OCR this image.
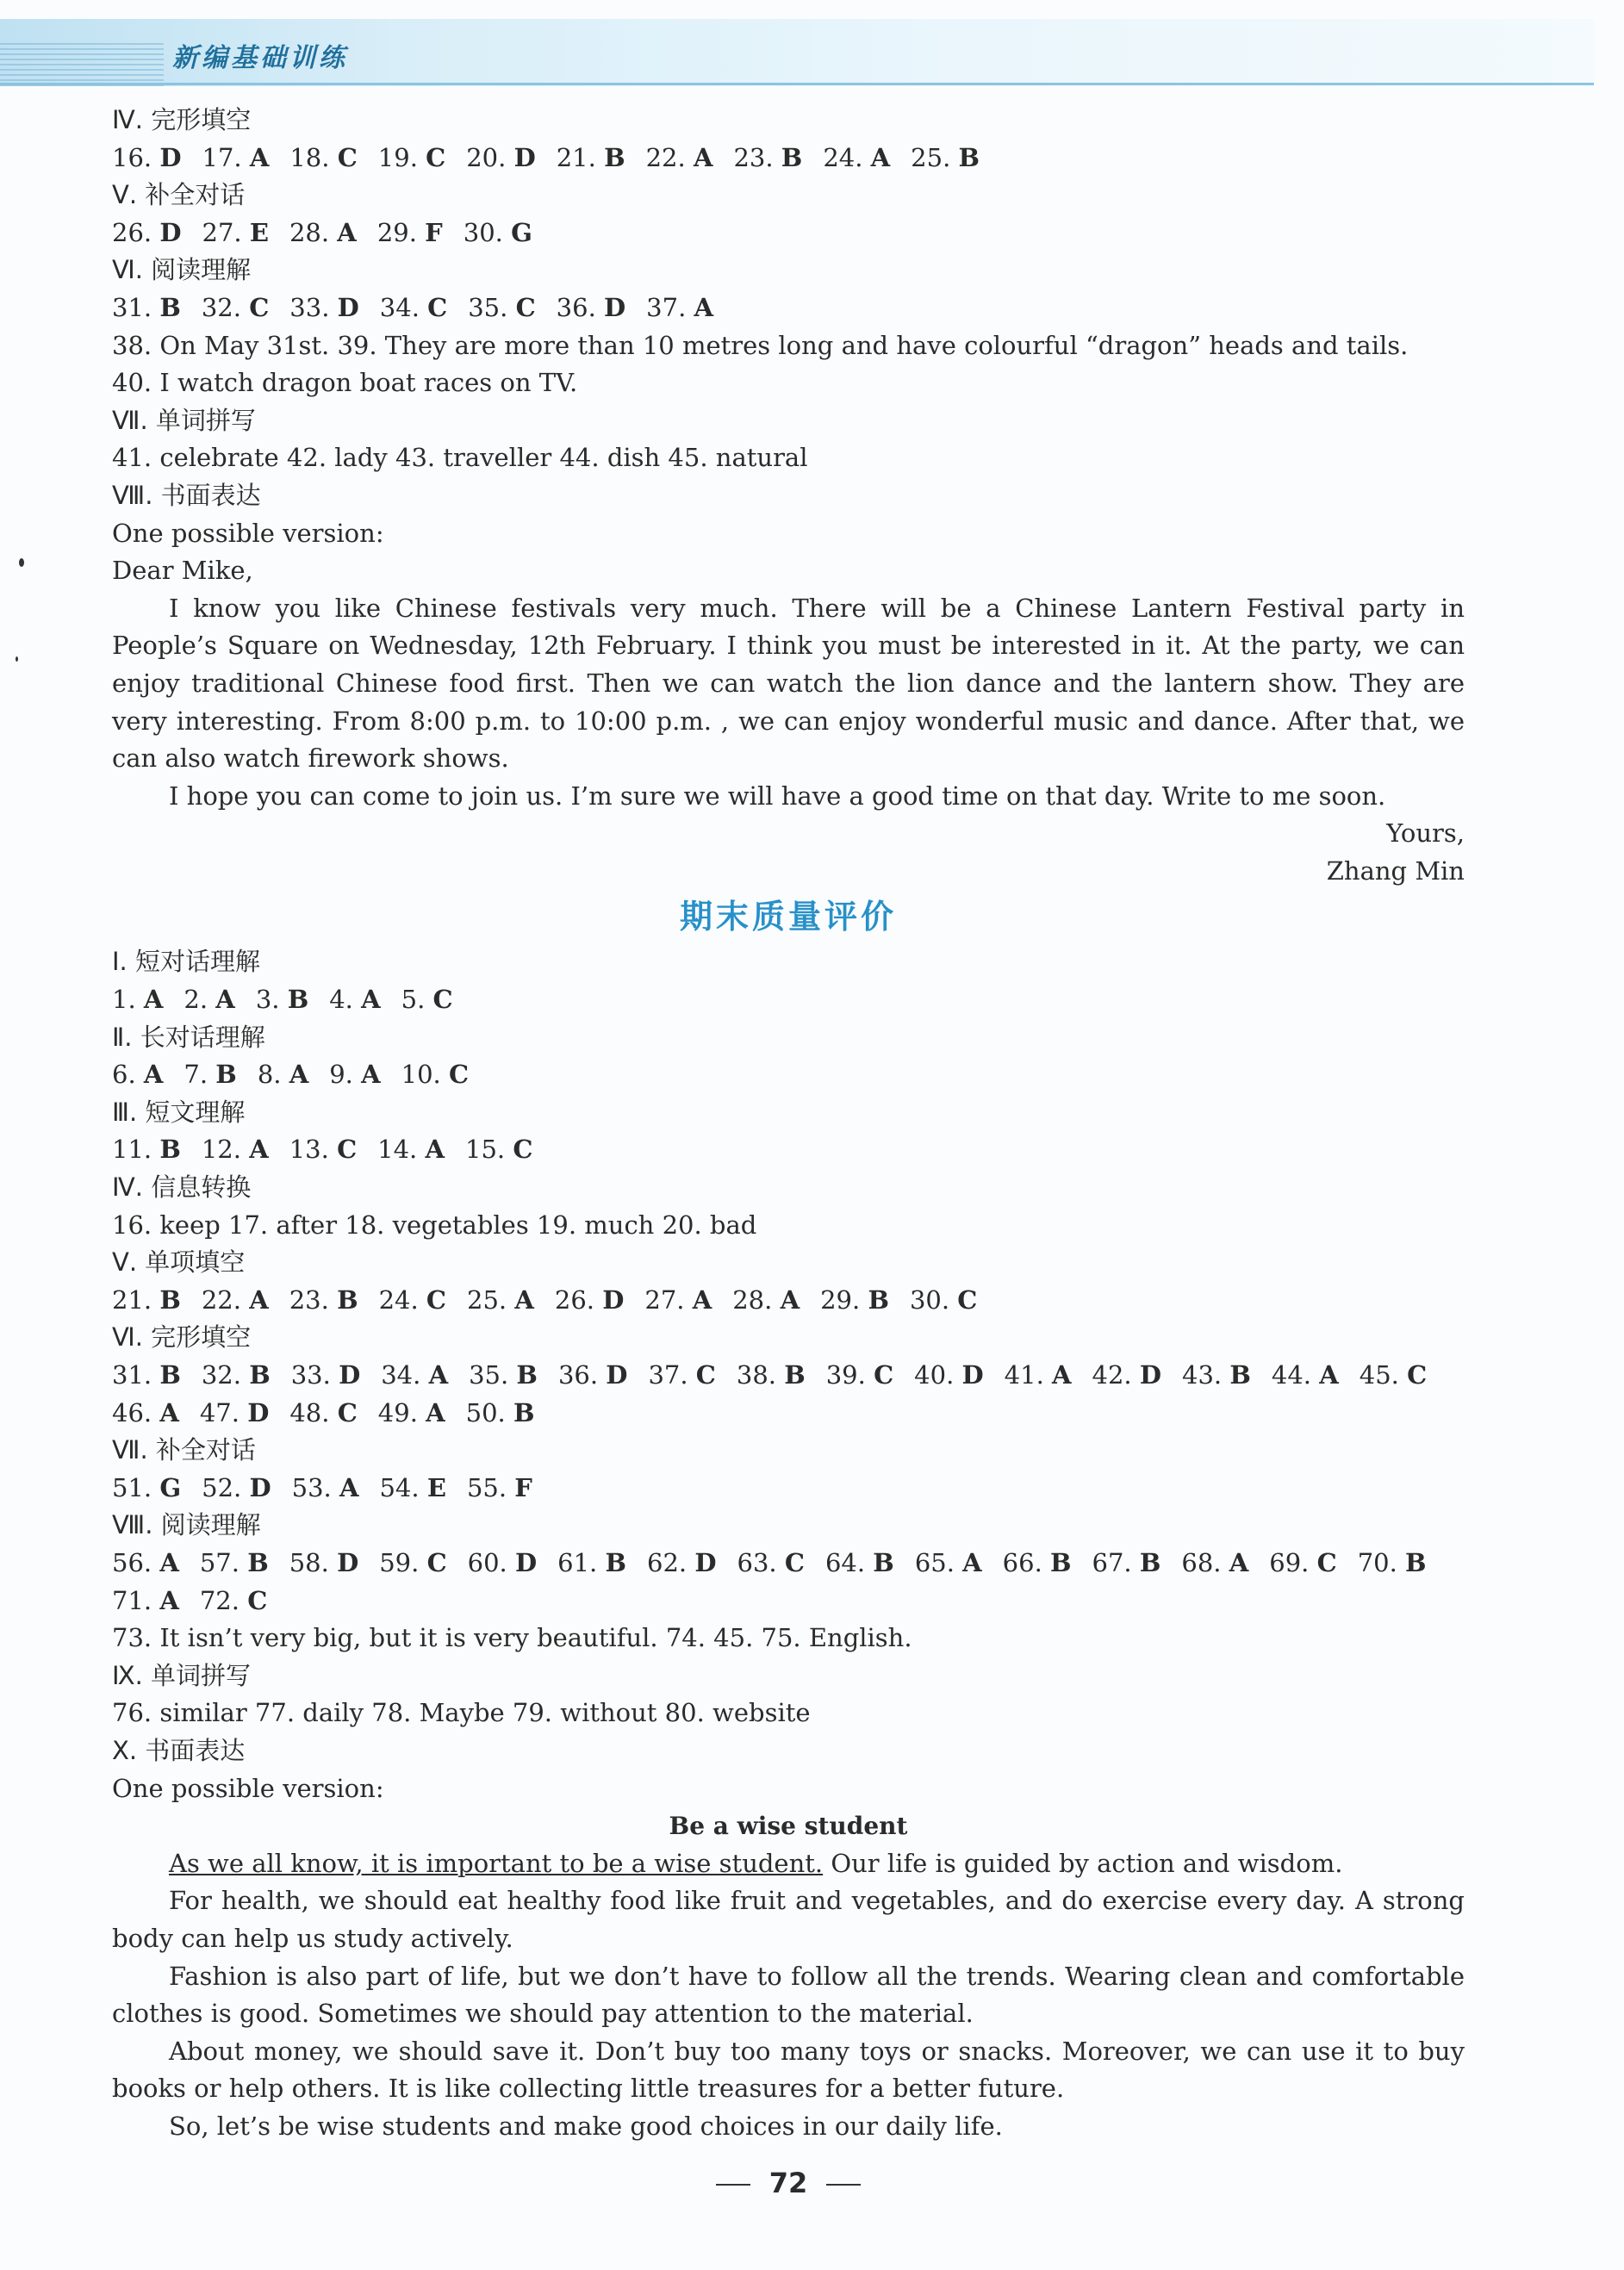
新编基础训练
Ⅳ. 完形填空
16. D 17. A 18. C 19. C 20. D 21. B 22. A 23. B 24. A 25. B
Ⅴ. 补全对话
26. D 27. E 28. A 29. F 30. G
Ⅵ. 阅读理解
31. B 32. C 33. D 34. C 35. C 36. D 37. A
38. On May 31st. 39. They are more than 10 metres long and have colourful “dragon” heads and tails.
40. I watch dragon boat races on TV.
Ⅶ. 单词拼写
41. celebrate 42. lady 43. traveller 44. dish 45. natural
Ⅷ. 书面表达
One possible version:
Dear Mike,

I know you like Chinese festivals very much. There will be a Chinese Lantern Festival party in People’s Square on Wednesday, 12th February. I think you must be interested in it. At the party, we can enjoy traditional Chinese food first. Then we can watch the lion dance and the lantern show. They are very interesting. From 8:00 p.m. to 10:00 p.m. , we can enjoy wonderful music and dance. After that, we can also watch firework shows.

I hope you can come to join us. I’m sure we will have a good time on that day. Write to me soon.

Yours,
Zhang Min
期末质量评价
Ⅰ. 短对话理解
1. A 2. A 3. B 4. A 5. C
Ⅱ. 长对话理解
6. A 7. B 8. A 9. A 10. C
Ⅲ. 短文理解
11. B 12. A 13. C 14. A 15. C
Ⅳ. 信息转换
16. keep 17. after 18. vegetables 19. much 20. bad
Ⅴ. 单项填空
21. B 22. A 23. B 24. C 25. A 26. D 27. A 28. A 29. B 30. C
Ⅵ. 完形填空
31. B 32. B 33. D 34. A 35. B 36. D 37. C 38. B 39. C 40. D 41. A 42. D 43. B 44. A 45. C
46. A 47. D 48. C 49. A 50. B
Ⅶ. 补全对话
51. G 52. D 53. A 54. E 55. F
Ⅷ. 阅读理解
56. A 57. B 58. D 59. C 60. D 61. B 62. D 63. C 64. B 65. A 66. B 67. B 68. A 69. C 70. B
71. A 72. C
73. It isn’t very big, but it is very beautiful. 74. 45. 75. English.
Ⅸ. 单词拼写
76. similar 77. daily 78. Maybe 79. without 80. website
Ⅹ. 书面表达
One possible version:
Be a wise student

As we all know, it is important to be a wise student. Our life is guided by action and wisdom.

For health, we should eat healthy food like fruit and vegetables, and do exercise every day. A strong body can help us study actively.

Fashion is also part of life, but we don’t have to follow all the trends. Wearing clean and comfortable clothes is good. Sometimes we should pay attention to the material.

About money, we should save it. Don’t buy too many toys or snacks. Moreover, we can use it to buy books or help others. It is like collecting little treasures for a better future.

So, let’s be wise students and make good choices in our daily life.

72
